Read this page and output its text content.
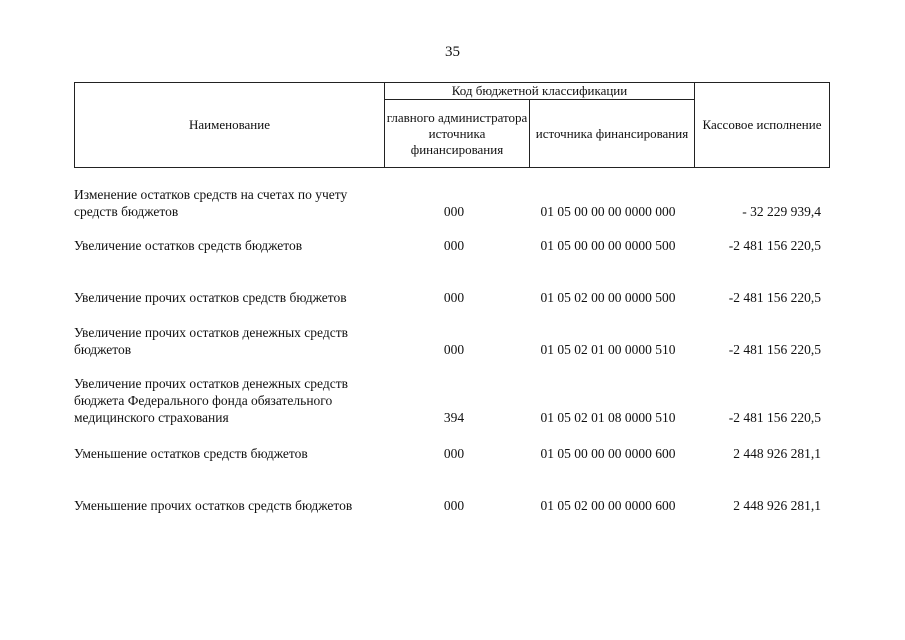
35
Наименование	Код бюджетной классификации		Кассовое исполнение
	главного администратора источника финансирования	источника финансирования	
Изменение остатков средств на счетах по учету средств бюджетов	000	01 05 00 00 00 0000 000	- 32 229 939,4
Увеличение остатков средств бюджетов	000	01 05 00 00 00 0000 500	-2 481 156 220,5
Увеличение прочих остатков средств бюджетов	000	01 05 02 00 00 0000 500	-2 481 156 220,5
Увеличение прочих остатков денежных средств бюджетов	000	01 05 02 01 00 0000 510	-2 481 156 220,5
Увеличение прочих остатков денежных средств бюджета Федерального фонда обязательного медицинского страхования	394	01 05 02 01 08 0000 510	-2 481 156 220,5
Уменьшение остатков средств бюджетов	000	01 05 00 00 00 0000 600	2 448 926 281,1
Уменьшение прочих остатков средств бюджетов	000	01 05 02 00 00 0000 600	2 448 926 281,1
